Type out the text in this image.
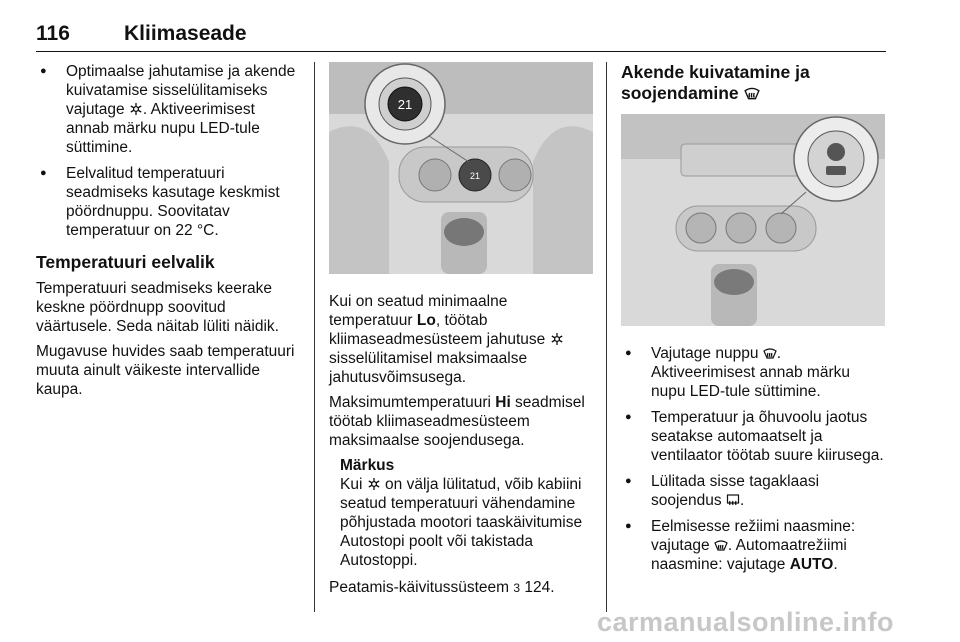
116	Kliimaseade
● Optimaalse jahutamise ja akende kuivatamise sisselülitamiseks vajutage . Aktiveerimisest annab märku nupu LED-tule süttimine.
● Eelvalitud temperatuuri seadmiseks kasutage keskmist pöördnuppu. Soovitatav temperatuur on 22 °C.
Temperatuuri eelvalik

Temperatuuri seadmiseks keerake keskne pöördnupp soovitud väärtusele. Seda näitab lüliti näidik.

Mugavuse huvides saab temperatuuri muuta ainult väikeste intervallide kaupa.

21
21

Kui on seatud minimaalne temperatuur Lo, töötab kliimaseadmesüsteem jahutuse  sisselülitamisel maksimaalse jahutusvõimsusega.

Maksimumtemperatuuri Hi seadmisel töötab kliimaseadmesüsteem maksimaalse soojendusega.

Märkus
Kui  on välja lülitatud, võib kabiini seatud temperatuuri vähendamine põhjustada mootori taaskäivitumise Autostopi poolt või takistada Autostoppi.

Peatamis-käivitussüsteem 3 124.

Akende kuivatamine ja soojendamine
● Vajutage nuppu . Aktiveerimisest annab märku nupu LED-tule süttimine.
● Temperatuur ja õhuvoolu jaotus seatakse automaatselt ja ventilaator töötab suure kiirusega.
● Lülitada sisse tagaklaasi soojendus .
● Eelmisesse režiimi naasmine: vajutage . Automaatrežiimi naasmine: vajutage AUTO.
carmanualsonline.info
